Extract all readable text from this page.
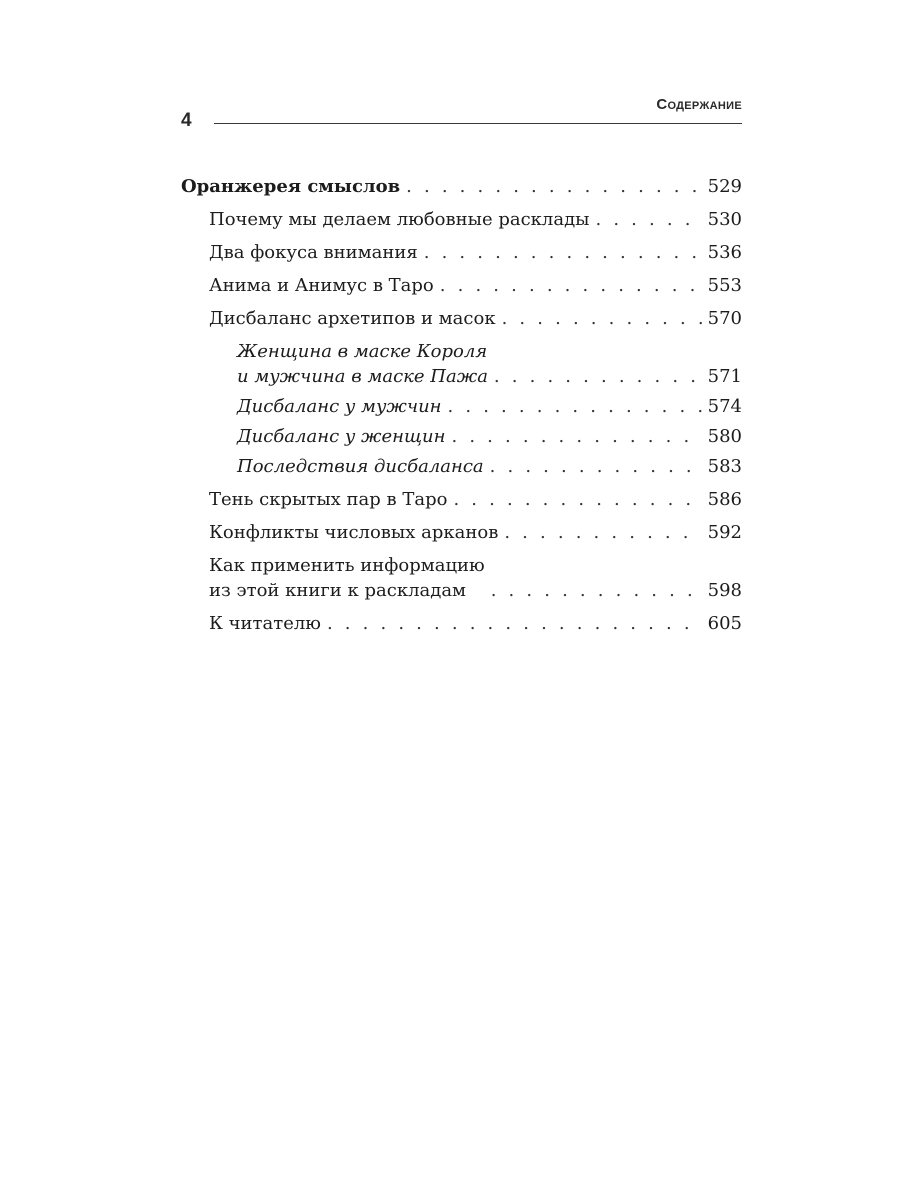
4
Содержание
Оранжерея смыслов . . .	529
Почему мы делаем любовные расклады . . .	530
Два фокуса внимания . . .	536
Анима и Анимус в Таро . . .	553
Дисбаланс архетипов и масок . . .	570
Женщина в маске Короля
и мужчина в маске Пажа . . .	571
Дисбаланс у мужчин . . .	574
Дисбаланс у женщин . . .	580
Последствия дисбаланса . . .	583
Тень скрытых пар в Таро . . .	586
Конфликты числовых арканов . . .	592
Как применить информацию
из этой книги к раскладам . . .	598
К читателю . . .	605
